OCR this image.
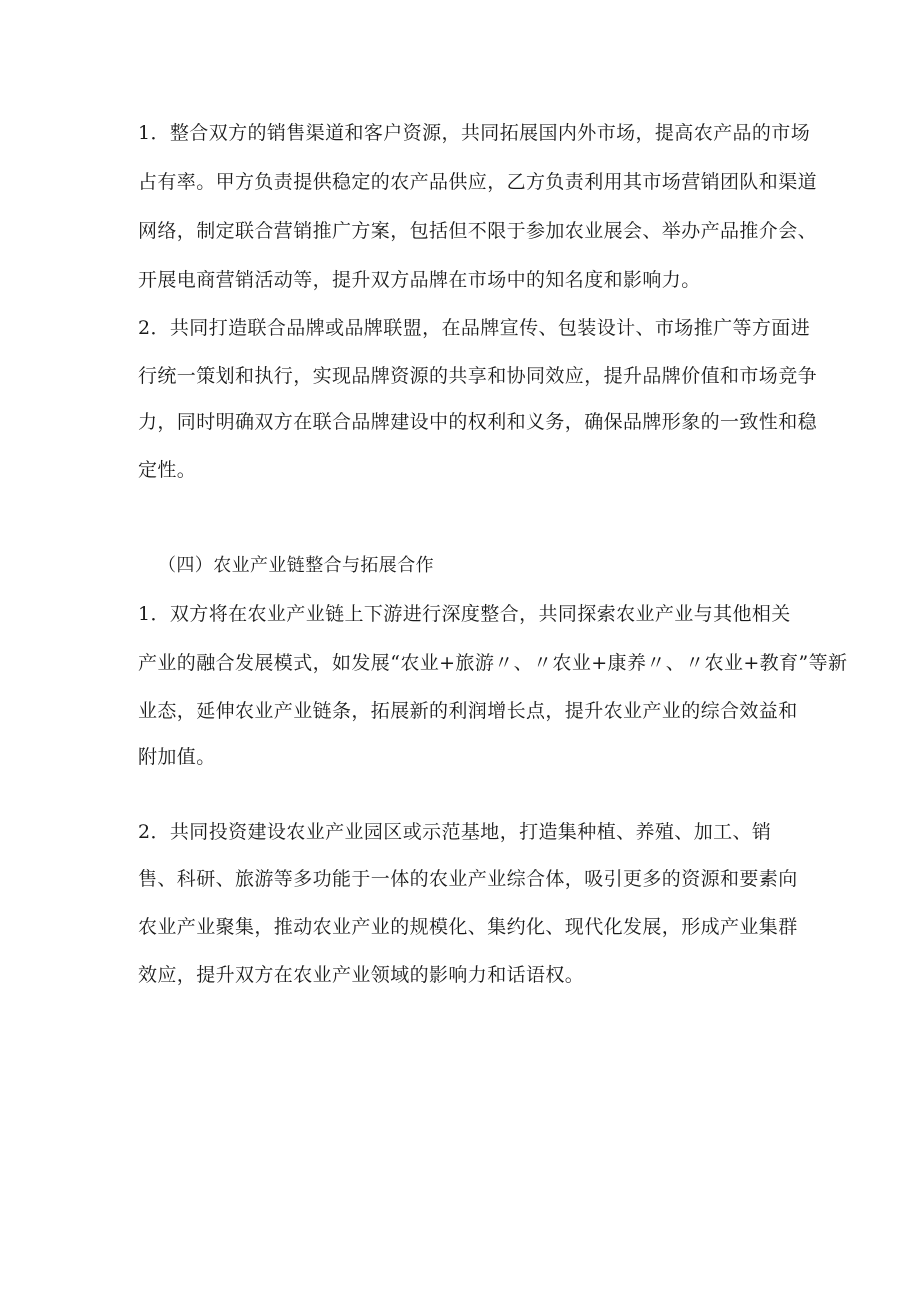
1．整合双方的销售渠道和客户资源，共同拓展国内外市场，提高农产品的市场
占有率。甲方负责提供稳定的农产品供应，乙方负责利用其市场营销团队和渠道
网络，制定联合营销推广方案，包括但不限于参加农业展会、举办产品推介会、
开展电商营销活动等，提升双方品牌在市场中的知名度和影响力。
2．共同打造联合品牌或品牌联盟，在品牌宣传、包装设计、市场推广等方面进
行统一策划和执行，实现品牌资源的共享和协同效应，提升品牌价值和市场竞争
力，同时明确双方在联合品牌建设中的权利和义务，确保品牌形象的一致性和稳
定性。
（四）农业产业链整合与拓展合作
1．双方将在农业产业链上下游进行深度整合，共同探索农业产业与其他相关
产业的融合发展模式，如发展“农业+旅游〃、〃农业+康养〃、〃农业+教育”等新
业态，延伸农业产业链条，拓展新的利润增长点，提升农业产业的综合效益和
附加值。
2．共同投资建设农业产业园区或示范基地，打造集种植、养殖、加工、销
售、科研、旅游等多功能于一体的农业产业综合体，吸引更多的资源和要素向
农业产业聚集，推动农业产业的规模化、集约化、现代化发展，形成产业集群
效应，提升双方在农业产业领域的影响力和话语权。
